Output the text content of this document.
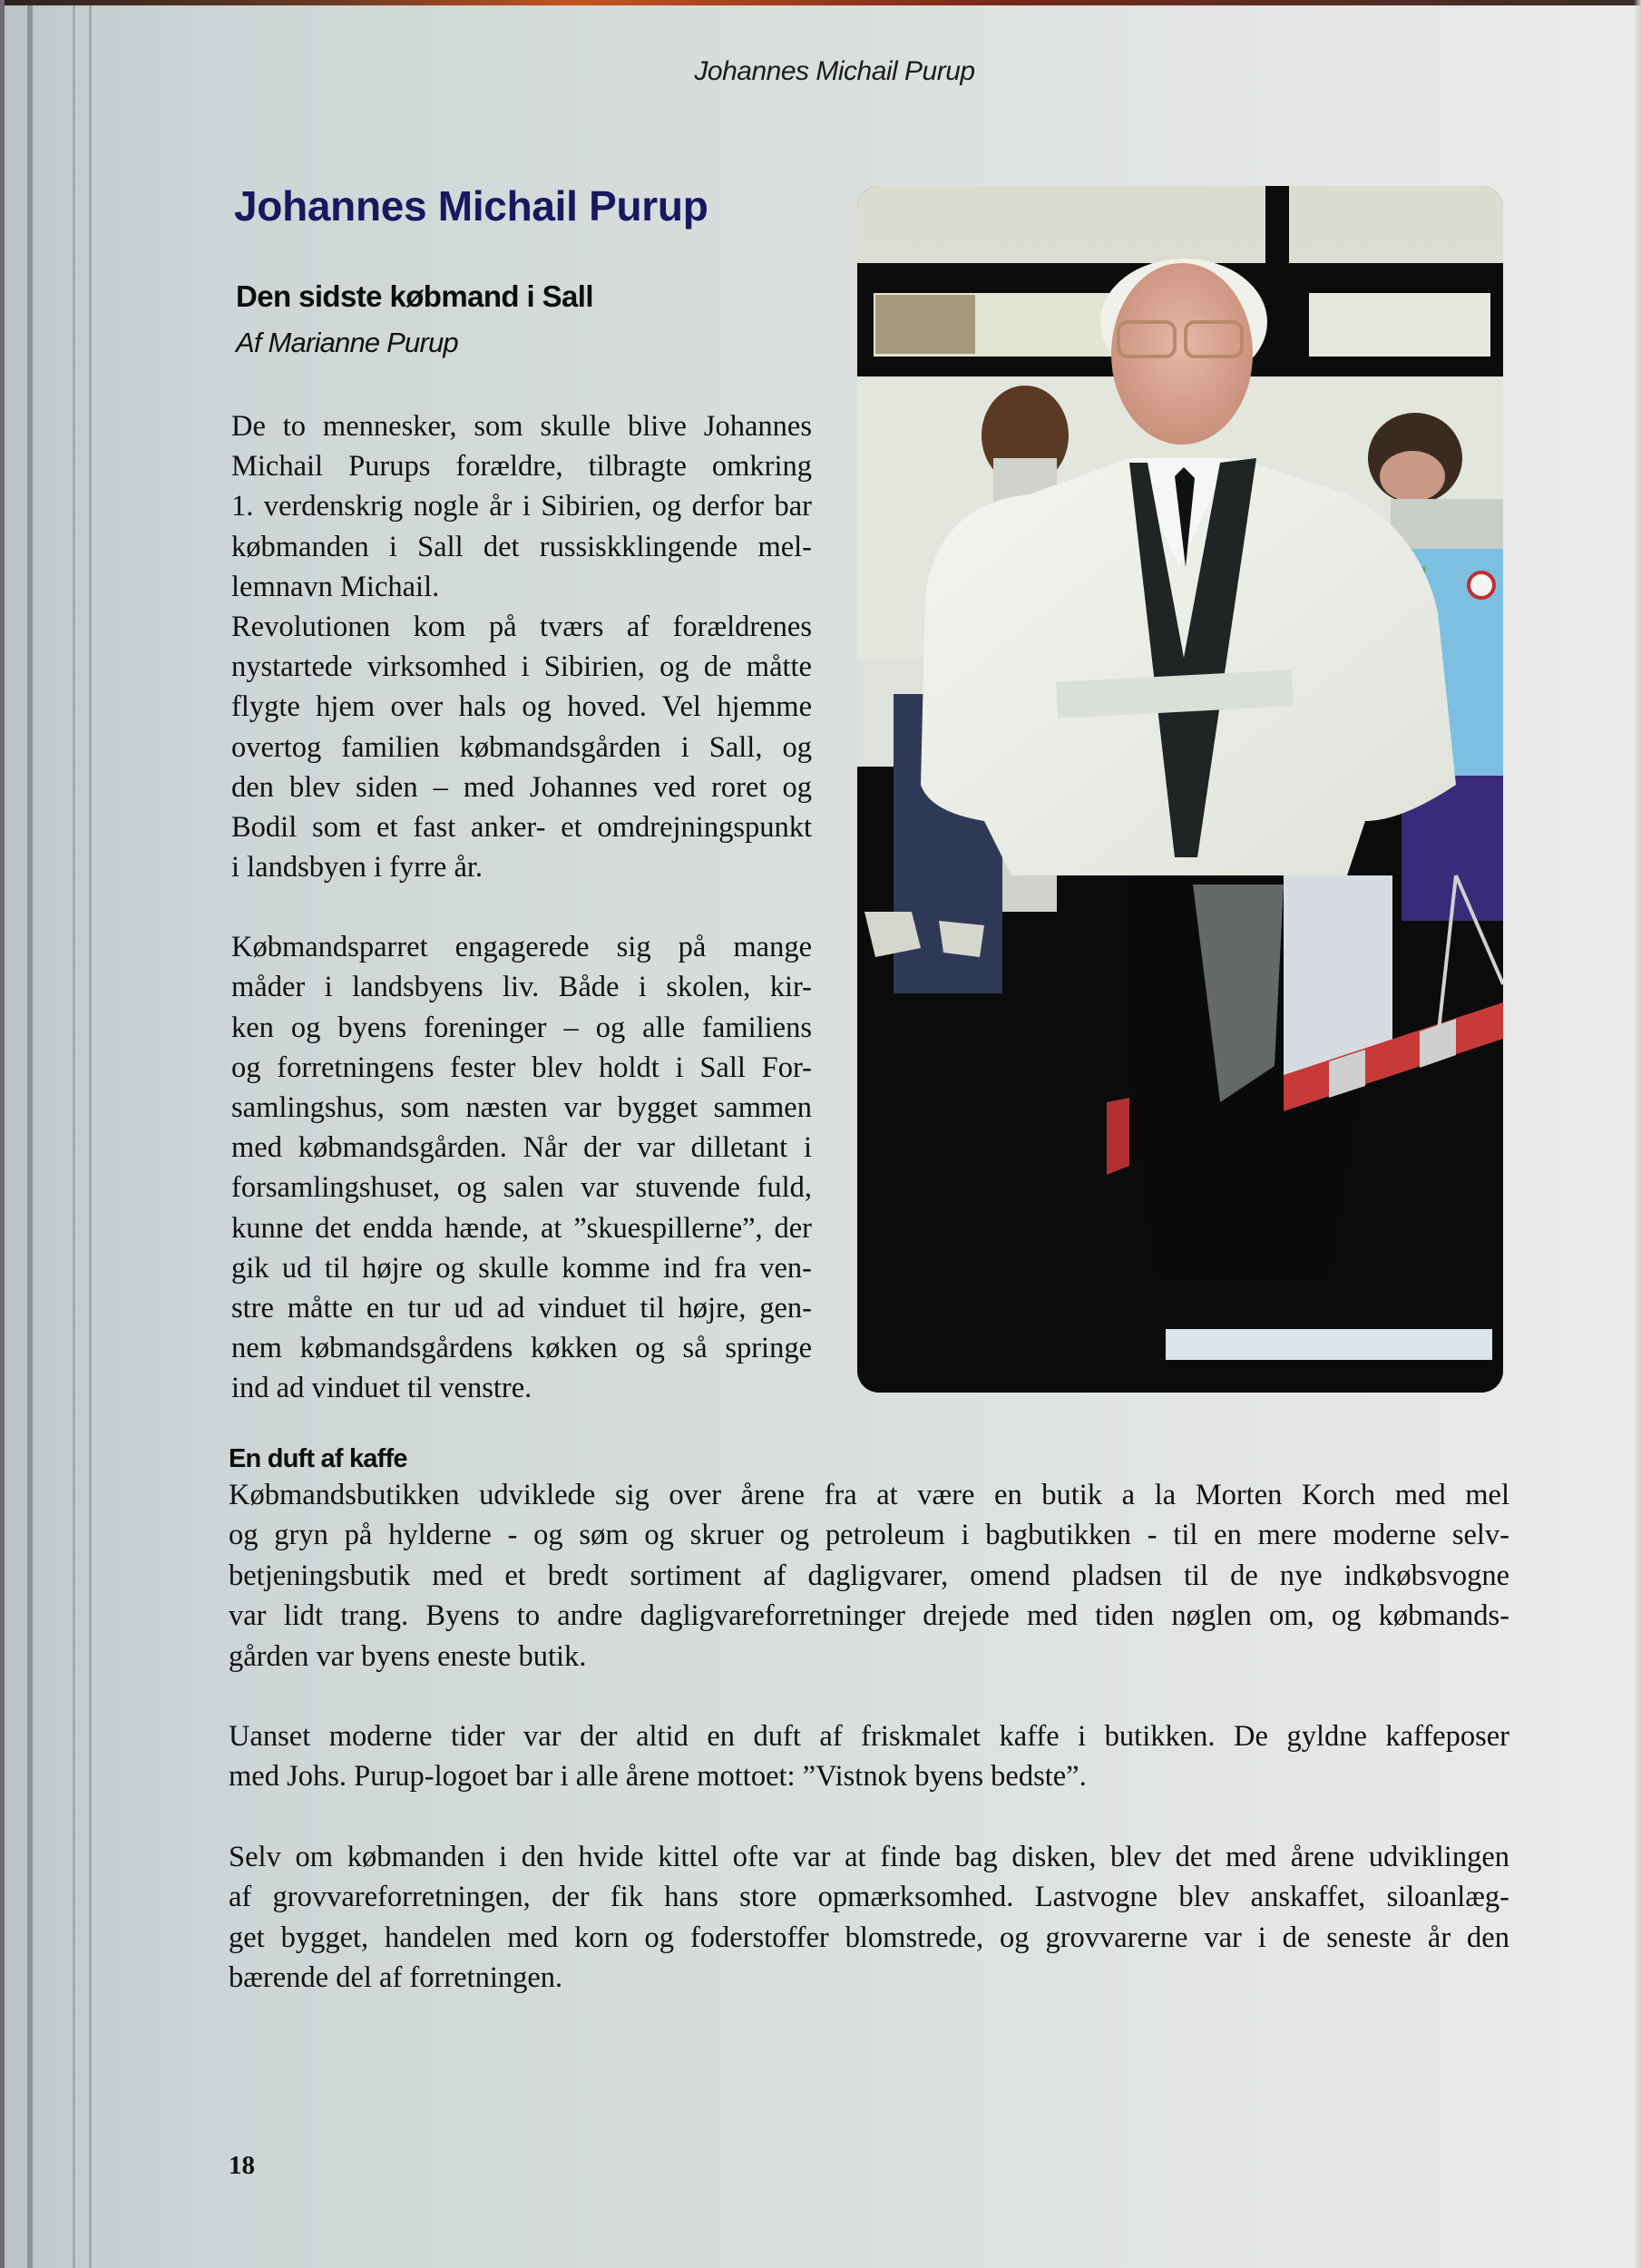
Johannes Michail Purup
Johannes Michail Purup
Den sidste købmand i Sall
Af Marianne Purup
De to mennesker, som skulle blive Johannes
Michail Purups forældre, tilbragte omkring
1. verdenskrig nogle år i Sibirien, og derfor bar
købmanden i Sall det russiskklingende mel-
lemnavn Michail.
Revolutionen kom på tværs af forældrenes
nystartede virksomhed i Sibirien, og de måtte
flygte hjem over hals og hoved. Vel hjemme
overtog familien købmandsgården i Sall, og
den blev siden – med Johannes ved roret og
Bodil som et fast anker- et omdrejningspunkt
i landsbyen i fyrre år.
Købmandsparret engagerede sig på mange
måder i landsbyens liv. Både i skolen, kir-
ken og byens foreninger – og alle familiens
og forretningens fester blev holdt i Sall For-
samlingshus, som næsten var bygget sammen
med købmandsgården. Når der var dilletant i
forsamlingshuset, og salen var stuvende fuld,
kunne det endda hænde, at ”skuespillerne”, der
gik ud til højre og skulle komme ind fra ven-
stre måtte en tur ud ad vinduet til højre, gen-
nem købmandsgårdens køkken og så springe
ind ad vinduet til venstre.
En duft af kaffe
Købmandsbutikken udviklede sig over årene fra at være en butik a la Morten Korch med mel
og gryn på hylderne - og søm og skruer og petroleum i bagbutikken - til en mere moderne selv-
betjeningsbutik med et bredt sortiment af dagligvarer, omend pladsen til de nye indkøbsvogne
var lidt trang. Byens to andre dagligvareforretninger drejede med tiden nøglen om, og købmands-
gården var byens eneste butik.
Uanset moderne tider var der altid en duft af friskmalet kaffe i butikken. De gyldne kaffeposer
med Johs. Purup-logoet bar i alle årene mottoet: ”Vistnok byens bedste”.
Selv om købmanden i den hvide kittel ofte var at finde bag disken, blev det med årene udviklingen
af grovvareforretningen, der fik hans store opmærksomhed. Lastvogne blev anskaffet, siloanlæg-
get bygget, handelen med korn og foderstoffer blomstrede, og grovvarerne var i de seneste år den
bærende del af forretningen.
18
